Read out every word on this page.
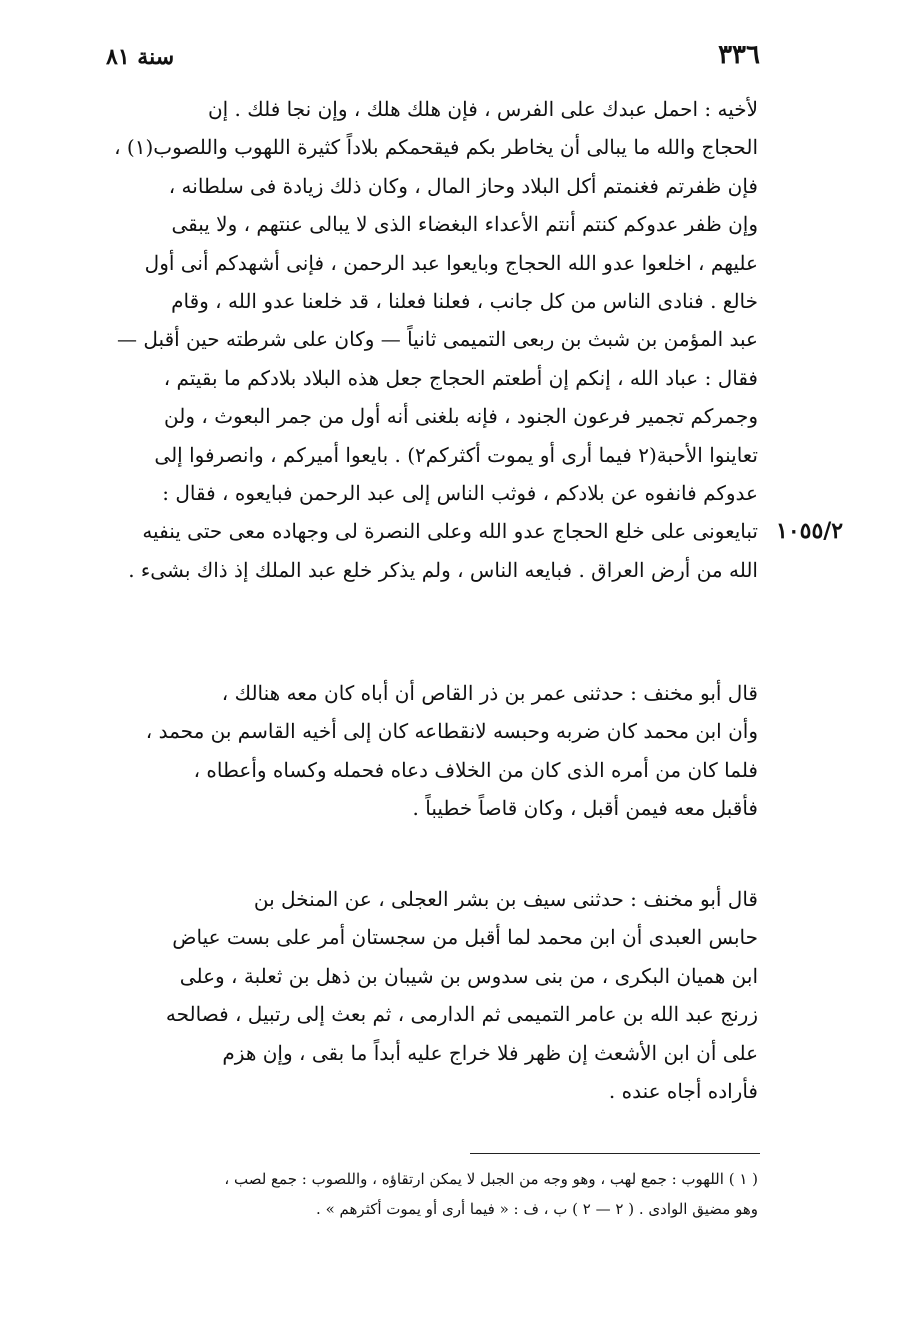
٣٣٦
سنة ٨١
١٠٥٥/٢
لأخيه : احمل عبدك على الفرس ، فإن هلك هلك ، وإن نجا فلك . إن
الحجاج والله ما يبالى أن يخاطر بكم فيقحمكم بلاداً كثيرة اللهوب واللصوب(١) ،
فإن ظفرتم فغنمتم أكل البلاد وحاز المال ، وكان ذلك زيادة فى سلطانه ،
وإن ظفر عدوكم كنتم أنتم الأعداء البغضاء الذى لا يبالى عنتهم ، ولا يبقى
عليهم ، اخلعوا عدو الله الحجاج وبايعوا عبد الرحمن ، فإنى أشهدكم أنى أول
خالع . فنادى الناس من كل جانب ، فعلنا فعلنا ، قد خلعنا عدو الله ، وقام
عبد المؤمن بن شبث بن ربعى التميمى ثانياً — وكان على شرطته حين أقبل —
فقال : عباد الله ، إنكم إن أطعتم الحجاج جعل هذه البلاد بلادكم ما بقيتم ،
وجمركم تجمير فرعون الجنود ، فإنه بلغنى أنه أول من جمر البعوث ، ولن
تعاينوا الأحبة(٢ فيما أرى أو يموت أكثركم٢) . بايعوا أميركم ، وانصرفوا إلى
عدوكم فانفوه عن بلادكم ، فوثب الناس إلى عبد الرحمن فبايعوه ، فقال :
تبايعونى على خلع الحجاج عدو الله وعلى النصرة لى وجهاده معى حتى ينفيه
الله من أرض العراق . فبايعه الناس ، ولم يذكر خلع عبد الملك إذ ذاك بشىء .
قال أبو مخنف : حدثنى عمر بن ذر القاص أن أباه كان معه هنالك ،
وأن ابن محمد كان ضربه وحبسه لانقطاعه كان إلى أخيه القاسم بن محمد ،
فلما كان من أمره الذى كان من الخلاف دعاه فحمله وكساه وأعطاه ،
فأقبل معه فيمن أقبل ، وكان قاصاً خطيباً .
قال أبو مخنف : حدثنى سيف بن بشر العجلى ، عن المنخل بن
حابس العبدى أن ابن محمد لما أقبل من سجستان أمر على بست عياض
ابن هميان البكرى ، من بنى سدوس بن شيبان بن ذهل بن ثعلبة ، وعلى
زرنج عبد الله بن عامر التميمى ثم الدارمى ، ثم بعث إلى رتبيل ، فصالحه
على أن ابن الأشعث إن ظهر فلا خراج عليه أبداً ما بقى ، وإن هزم
فأراده أجاه عنده .
( ١ ) اللهوب : جمع لهب ، وهو وجه من الجبل لا يمكن ارتقاؤه ، واللصوب : جمع لصب ،
وهو مضيق الوادى . ( ٢ — ٢ ) ب ، ف : « فيما أرى أو يموت أكثرهم » .
